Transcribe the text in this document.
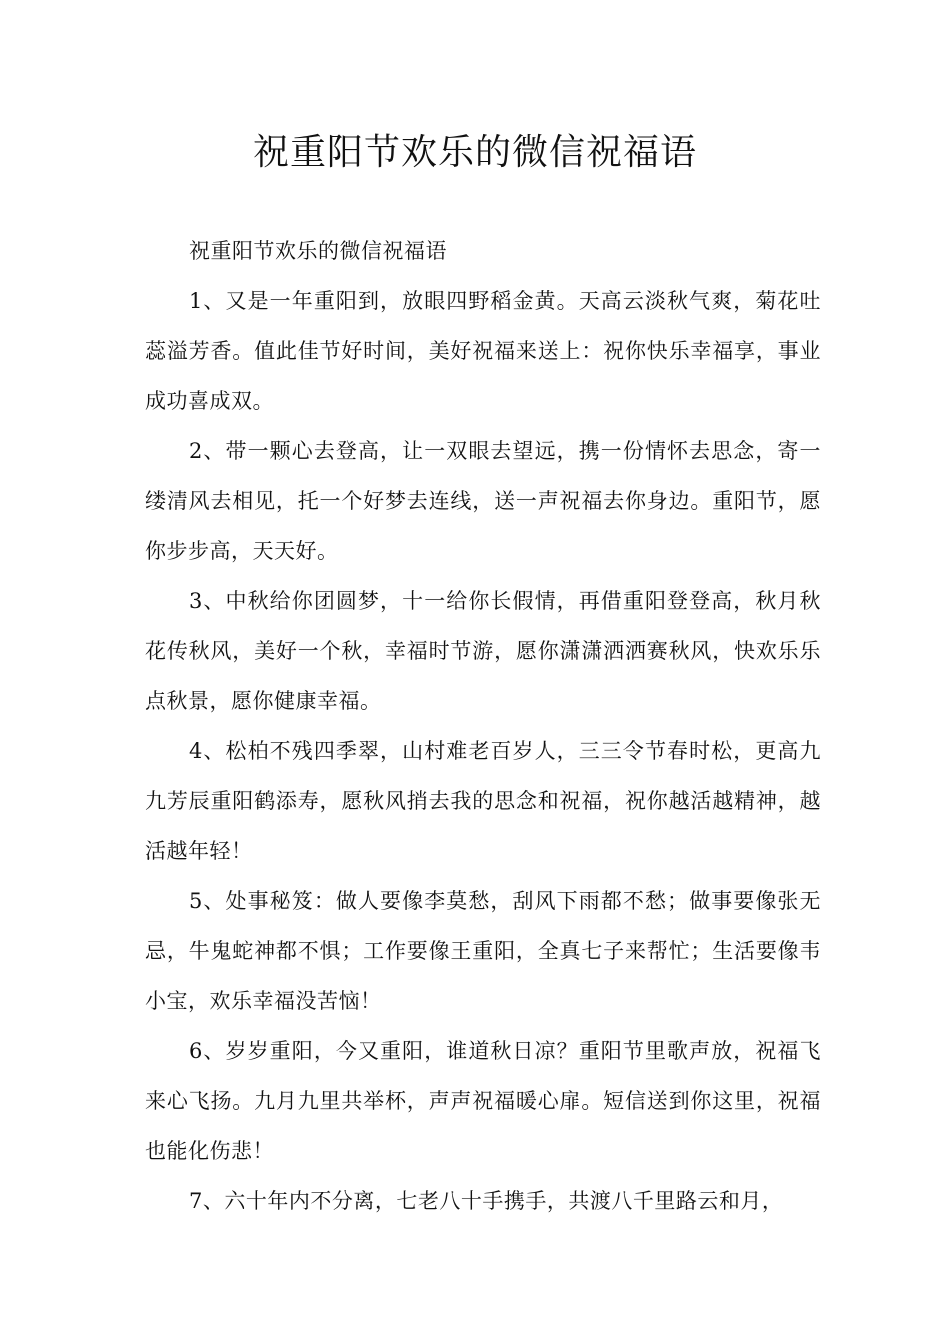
祝重阳节欢乐的微信祝福语

祝重阳节欢乐的微信祝福语

1、又是一年重阳到，放眼四野稻金黄。天高云淡秋气爽，菊花吐蕊溢芳香。值此佳节好时间，美好祝福来送上：祝你快乐幸福享，事业成功喜成双。

2、带一颗心去登高，让一双眼去望远，携一份情怀去思念，寄一缕清风去相见，托一个好梦去连线，送一声祝福去你身边。重阳节，愿你步步高，天天好。

3、中秋给你团圆梦，十一给你长假情，再借重阳登登高，秋月秋花传秋风，美好一个秋，幸福时节游，愿你潇潇洒洒赛秋风，快欢乐乐点秋景，愿你健康幸福。

4、松柏不残四季翠，山村难老百岁人，三三令节春时松，更高九九芳辰重阳鹤添寿，愿秋风捎去我的思念和祝福，祝你越活越精神，越活越年轻！

5、处事秘笈：做人要像李莫愁，刮风下雨都不愁；做事要像张无忌，牛鬼蛇神都不惧；工作要像王重阳，全真七子来帮忙；生活要像韦小宝，欢乐幸福没苦恼！

6、岁岁重阳，今又重阳，谁道秋日凉？重阳节里歌声放，祝福飞来心飞扬。九月九里共举杯，声声祝福暖心扉。短信送到你这里，祝福也能化伤悲！

7、六十年内不分离，七老八十手携手，共渡八千里路云和月，
